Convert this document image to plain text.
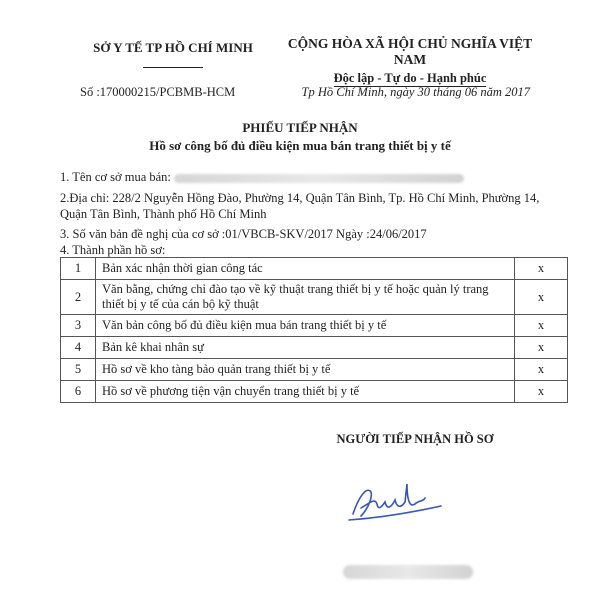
SỞ Y TẾ TP HỒ CHÍ MINH	CỘNG HÒA XÃ HỘI CHỦ NGHĨA VIỆT NAM
Độc lập - Tự do - Hạnh phúc
Số :170000215/PCBMB-HCM	Tp Hồ Chí Minh, ngày 30 tháng 06 năm 2017
PHIẾU TIẾP NHẬN
Hồ sơ công bố đủ điều kiện mua bán trang thiết bị y tế
1. Tên cơ sở mua bán:
2.Địa chỉ: 228/2 Nguyễn Hồng Đào, Phường 14, Quận Tân Bình, Tp. Hồ Chí Minh, Phường 14,
Quận Tân Bình, Thành phố Hồ Chí Minh
3. Số văn bản đề nghị của cơ sở :01/VBCB-SKV/2017 Ngày :24/06/2017
4. Thành phần hồ sơ:
1	Bản xác nhận thời gian công tác	x
2	Văn bằng, chứng chỉ đào tạo về kỹ thuật trang thiết bị y tế hoặc quản lý trang thiết bị y tế của cán bộ kỹ thuật	x
3	Văn bản công bố đủ điều kiện mua bán trang thiết bị y tế	x
4	Bản kê khai nhân sự	x
5	Hồ sơ về kho tàng bảo quản trang thiết bị y tế	x
6	Hồ sơ về phương tiện vận chuyển trang thiết bị y tế	x
NGƯỜI TIẾP NHẬN HỒ SƠ
